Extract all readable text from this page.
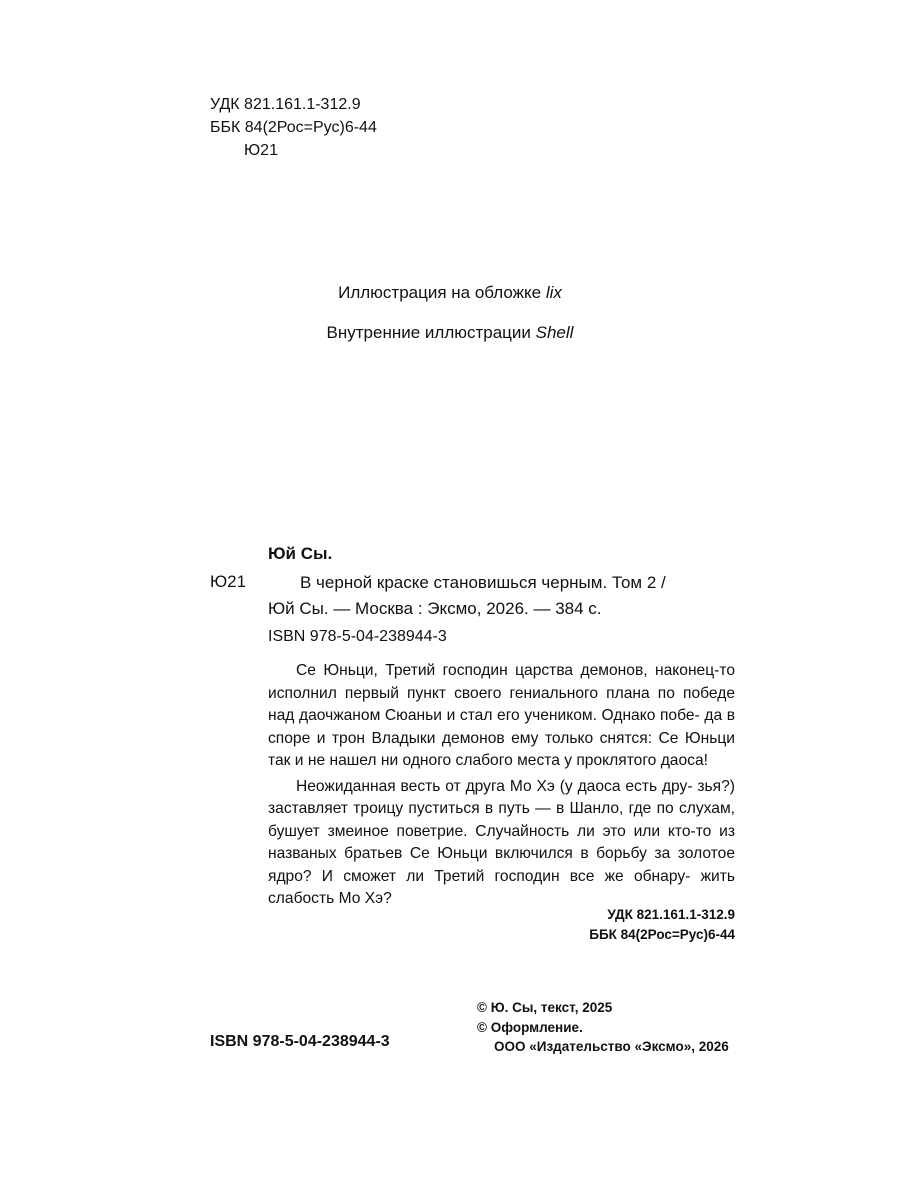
УДК 821.161.1-312.9
ББК 84(2Рос=Рус)6-44
Ю21
Иллюстрация на обложке lix
Внутренние иллюстрации Shell
Юй Сы.
Ю21	В черной краске становишься черным. Том 2 /
Юй Сы. — Москва : Эксмо, 2026. — 384 с.
ISBN 978-5-04-238944-3

Се Юньци, Третий господин царства демонов, наконец-то исполнил первый пункт своего гениального плана по победе над даочжаном Сюаньи и стал его учеником. Однако побе- да в споре и трон Владыки демонов ему только снятся: Се Юньци так и не нашел ни одного слабого места у проклятого даоса!

Неожиданная весть от друга Мо Хэ (у даоса есть дру- зья?) заставляет троицу пуститься в путь — в Шанло, где по слухам, бушует змеиное поветрие. Случайность ли это или кто-то из названых братьев Се Юньци включился в борьбу за золотое ядро? И сможет ли Третий господин все же обнару- жить слабость Мо Хэ?

УДК 821.161.1-312.9
ББК 84(2Рос=Рус)6-44
ISBN 978-5-04-238944-3
© Ю. Сы, текст, 2025
© Оформление.
ООО «Издательство «Эксмо», 2026
